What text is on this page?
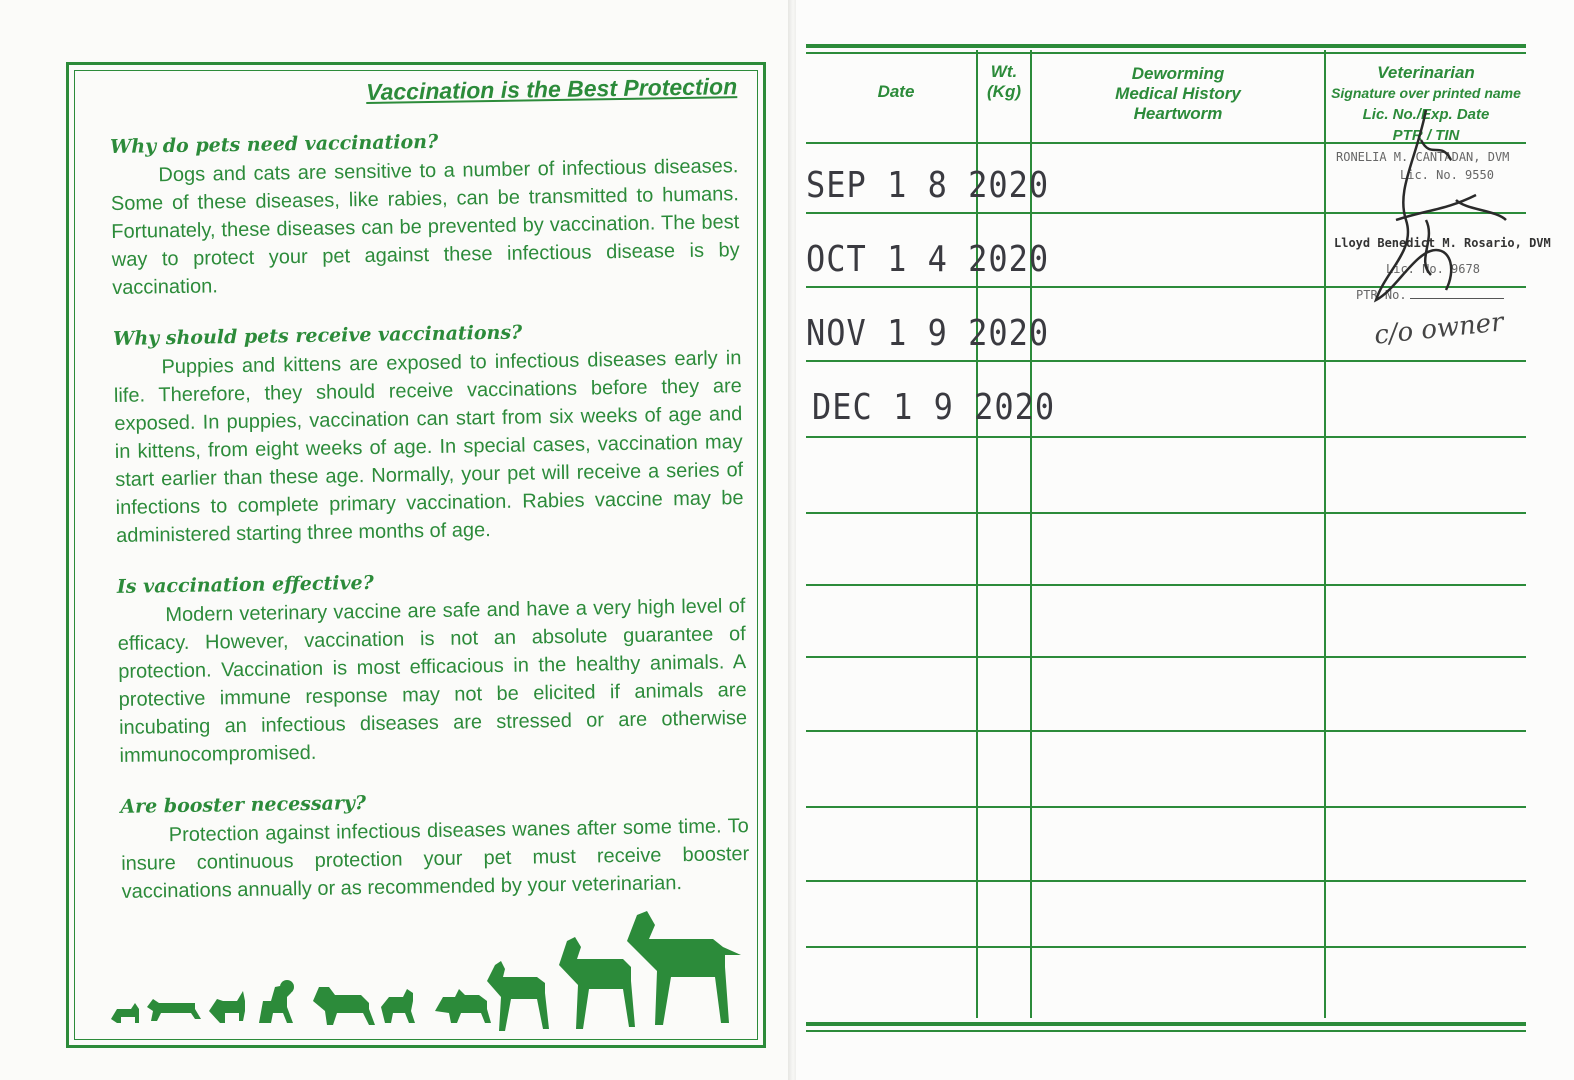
Vaccination is the Best Protection
Why do pets need vaccination?
Dogs and cats are sensitive to a number of infectious diseases. Some of these diseases, like rabies, can be transmitted to humans. Fortunately, these diseases can be prevented by vaccination. The best way to protect your pet against these infectious disease is by vaccination.
Why should pets receive vaccinations?
Puppies and kittens are exposed to infectious diseases early in life. Therefore, they should receive vaccinations before they are exposed. In puppies, vaccination can start from six weeks of age and in kittens, from eight weeks of age. In special cases, vaccination may start earlier than these age. Normally, your pet will receive a series of infections to complete primary vaccination. Rabies vaccine may be administered starting three months of age.
Is vaccination effective?
Modern veterinary vaccine are safe and have a very high level of efficacy. However, vaccination is not an absolute guarantee of protection. Vaccination is most efficacious in the healthy animals. A protective immune response may not be elicited if animals are incubating an infectious diseases are stressed or are otherwise immunocompromised.
Are booster necessary?
Protection against infectious diseases wanes after some time. To insure continuous protection your pet must receive booster vaccinations annually or as recommended by your veterinarian.
Date
Wt.
(Kg)
Deworming
Medical History
Heartworm
Veterinarian
Signature over printed name
Lic. No./Exp. Date
PTR / TIN
SEP 1 8 2020
OCT 1 4 2020
NOV 1 9 2020
DEC 1 9 2020
RONELIA M. CANTADAN, DVM
Lic. No. 9550
Lloyd Benedict M. Rosario, DVM
Lic. No. 9678
PTR No.
c/o owner
